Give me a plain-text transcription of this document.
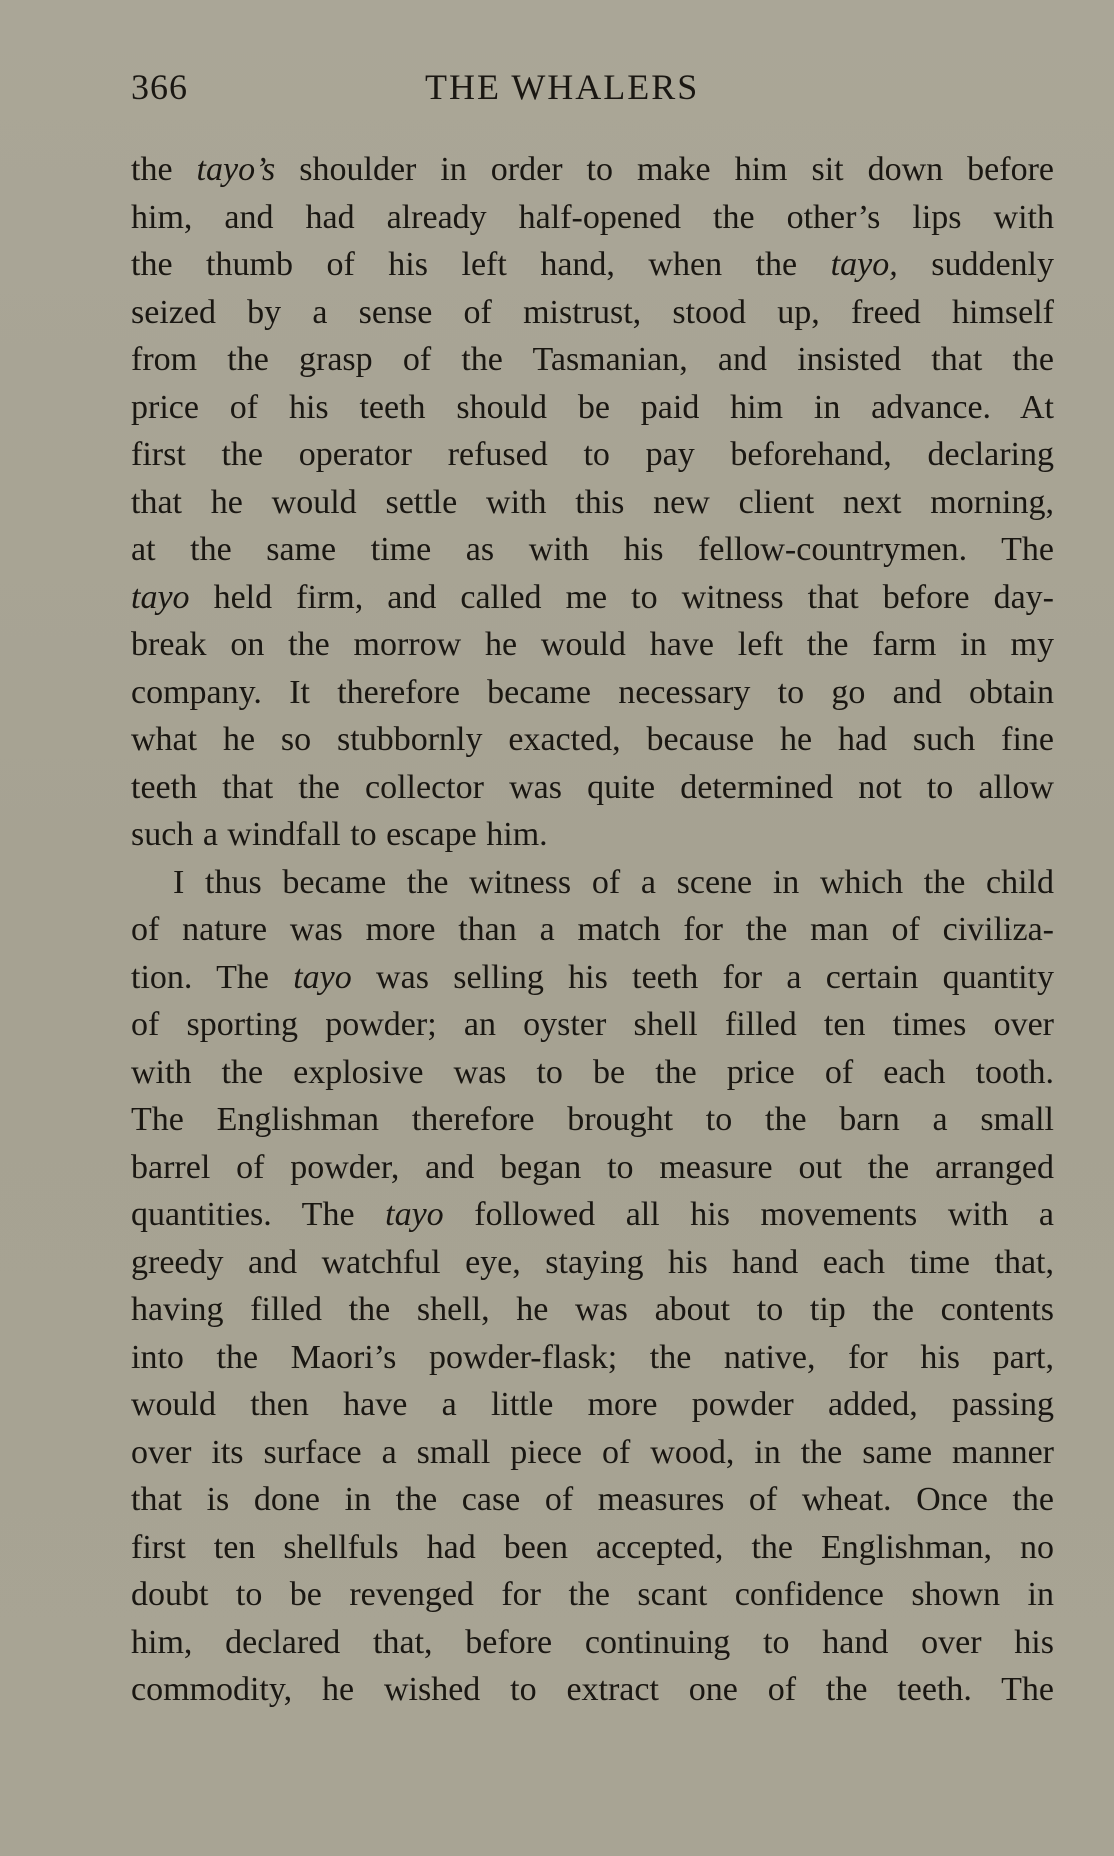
366	THE WHALERS
the tayo’s shoulder in order to make him sit down before
him, and had already half-opened the other’s lips with
the thumb of his left hand, when the tayo, suddenly
seized by a sense of mistrust, stood up, freed himself
from the grasp of the Tasmanian, and insisted that the
price of his teeth should be paid him in advance. At
first the operator refused to pay beforehand, declaring
that he would settle with this new client next morning,
at the same time as with his fellow-countrymen. The
tayo held firm, and called me to witness that before day-
break on the morrow he would have left the farm in my
company. It therefore became necessary to go and obtain
what he so stubbornly exacted, because he had such fine
teeth that the collector was quite determined not to allow
such a windfall to escape him.
I thus became the witness of a scene in which the child
of nature was more than a match for the man of civiliza-
tion. The tayo was selling his teeth for a certain quantity
of sporting powder; an oyster shell filled ten times over
with the explosive was to be the price of each tooth.
The Englishman therefore brought to the barn a small
barrel of powder, and began to measure out the arranged
quantities. The tayo followed all his movements with a
greedy and watchful eye, staying his hand each time that,
having filled the shell, he was about to tip the contents
into the Maori’s powder-flask; the native, for his part,
would then have a little more powder added, passing
over its surface a small piece of wood, in the same manner
that is done in the case of measures of wheat. Once the
first ten shellfuls had been accepted, the Englishman, no
doubt to be revenged for the scant confidence shown in
him, declared that, before continuing to hand over his
commodity, he wished to extract one of the teeth. The
